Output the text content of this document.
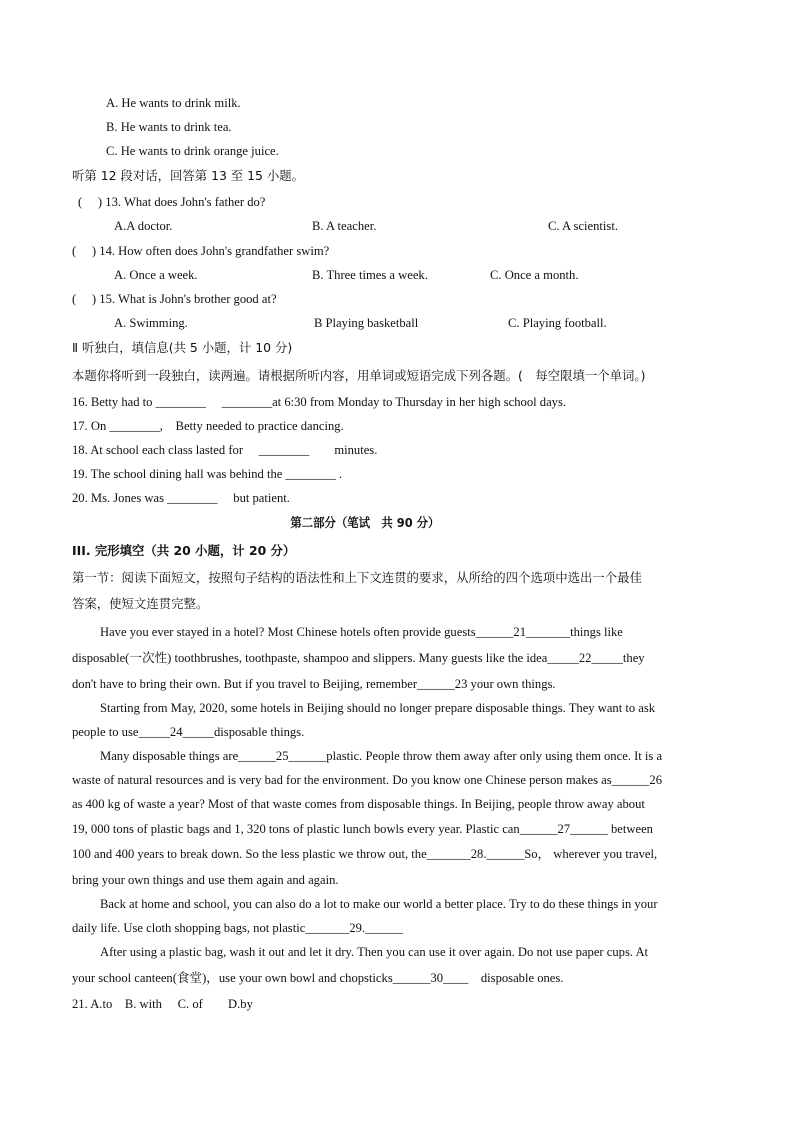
A. He wants to drink milk.
B. He wants to drink tea.
C. He wants to drink orange juice.
听第 12 段对话，回答第 13 至 15 小题。
(　 ) 13. What does John's father do?
A.A doctor.	B. A teacher.	C. A scientist.
(　 ) 14. How often does John's grandfather swim?
A. Once a week.	B. Three times a week.	C. Once a month.
(　 ) 15. What is John's brother good at?
A. Swimming.	B Playing basketball	C. Playing football.
Ⅱ 听独白，填信息(共 5 小题，计 10 分)
本题你将听到一段独白，读两遍。请根据所听内容，用单词或短语完成下列各题。(　每空限填一个单词。)
16. Betty had to ________　 ________at 6:30 from Monday to Thursday in her high school days.
17. On ________,　Betty needed to practice dancing.
18. At school each class lasted for 　________　　minutes.
19. The school dining hall was behind the ________ .
20. Ms. Jones was ________　 but patient.
第二部分（笔试　共 90 分）
III. 完形填空（共 20 小题，计 20 分）
第一节：阅读下面短文，按照句子结构的语法性和上下文连贯的要求，从所给的四个选项中选出一个最佳
答案，使短文连贯完整。
Have you ever stayed in a hotel? Most Chinese hotels often provide guests______21_______things like
disposable(一次性) toothbrushes, toothpaste, shampoo and slippers. Many guests like the idea_____22_____they
don't have to bring their own. But if you travel to Beijing, remember______23 your own things.
Starting from May, 2020, some hotels in Beijing should no longer prepare disposable things. They want to ask
people to use_____24_____disposable things.
Many disposable things are______25______plastic. People throw them away after only using them once. It is a
waste of natural resources and is very bad for the environment. Do you know one Chinese person makes as______26
as 400 kg of waste a year? Most of that waste comes from disposable things. In Beijing, people throw away about
19, 000 tons of plastic bags and 1, 320 tons of plastic lunch bowls every year. Plastic can______27______ between
100 and 400 years to break down. So the less plastic we throw out, the_______28.______So， wherever you travel,
bring your own things and use them again and again.
Back at home and school, you can also do a lot to make our world a better place. Try to do these things in your
daily life. Use cloth shopping bags, not plastic_______29.______
After using a plastic bag, wash it out and let it dry. Then you can use it over again. Do not use paper cups. At
your school canteen(食堂)，use your own bowl and chopsticks______30____　disposable ones.
21. A.to　B. with　 C. of　　D.by
